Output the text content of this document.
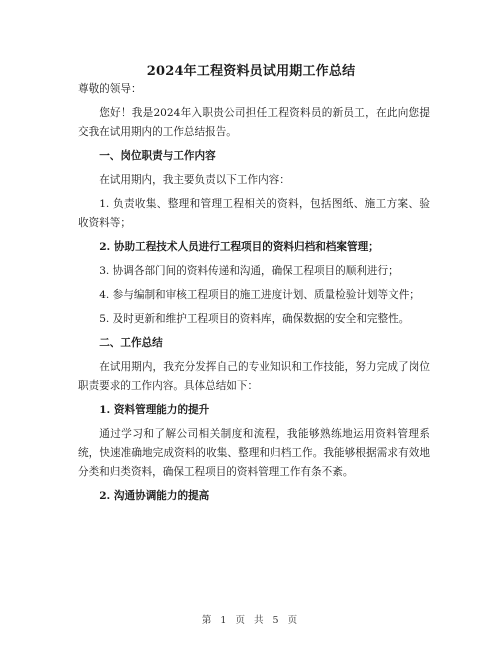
2024年工程资料员试用期工作总结

尊敬的领导：

您好！我是2024年入职贵公司担任工程资料员的新员工，在此向您提交我在试用期内的工作总结报告。

一、岗位职责与工作内容

在试用期内，我主要负责以下工作内容：

1. 负责收集、整理和管理工程相关的资料，包括图纸、施工方案、验收资料等；

2. 协助工程技术人员进行工程项目的资料归档和档案管理；

3. 协调各部门间的资料传递和沟通，确保工程项目的顺利进行；

4. 参与编制和审核工程项目的施工进度计划、质量检验计划等文件；

5. 及时更新和维护工程项目的资料库，确保数据的安全和完整性。

二、工作总结

在试用期内，我充分发挥自己的专业知识和工作技能，努力完成了岗位职责要求的工作内容。具体总结如下：

1. 资料管理能力的提升

通过学习和了解公司相关制度和流程，我能够熟练地运用资料管理系统，快速准确地完成资料的收集、整理和归档工作。我能够根据需求有效地分类和归类资料，确保工程项目的资料管理工作有条不紊。

2. 沟通协调能力的提高

第 1 页 共 5 页
